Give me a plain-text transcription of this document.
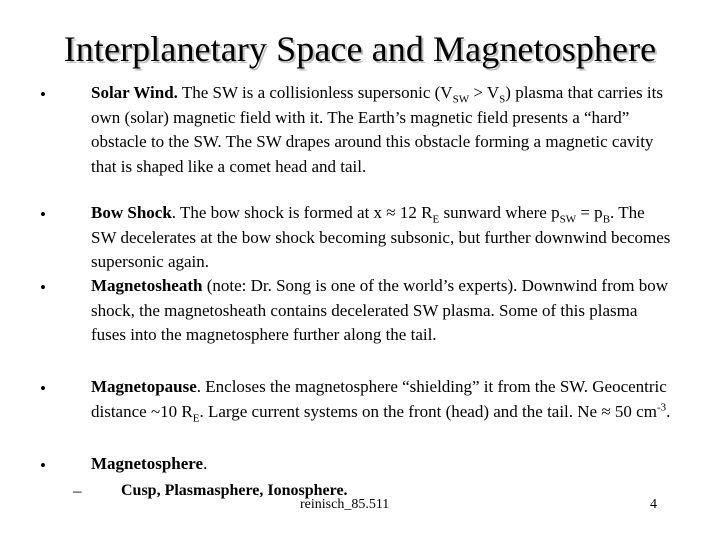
Interplanetary Space and Magnetosphere
•	Solar Wind. The SW is a collisionless supersonic $(V_{SW} > V_S)$ plasma that carries its own (solar) magnetic field with it. The Earth’s magnetic field presents a “hard” obstacle to the SW. The SW drapes around this obstacle forming a magnetic cavity that is shaped like a comet head and tail.
•	Bow Shock. The bow shock is formed at x ≈ 12 $R_E$ sunward where $p_{SW} = p_B$. The SW decelerates at the bow shock becoming subsonic, but further downwind becomes supersonic again.
•	Magnetosheath (note: Dr. Song is one of the world’s experts). Downwind from bow shock, the magnetosheath contains decelerated SW plasma. Some of this plasma fuses into the magnetosphere further along the tail.
•	Magnetopause. Encloses the magnetosphere “shielding” it from the SW. Geocentric distance ~10 $R_E$. Large current systems on the front (head) and the tail. Ne ≈ 50 $cm^{-3}$.
•	Magnetosphere.
– Cusp, Plasmasphere, Ionosphere.
reinisch_85.511	4
